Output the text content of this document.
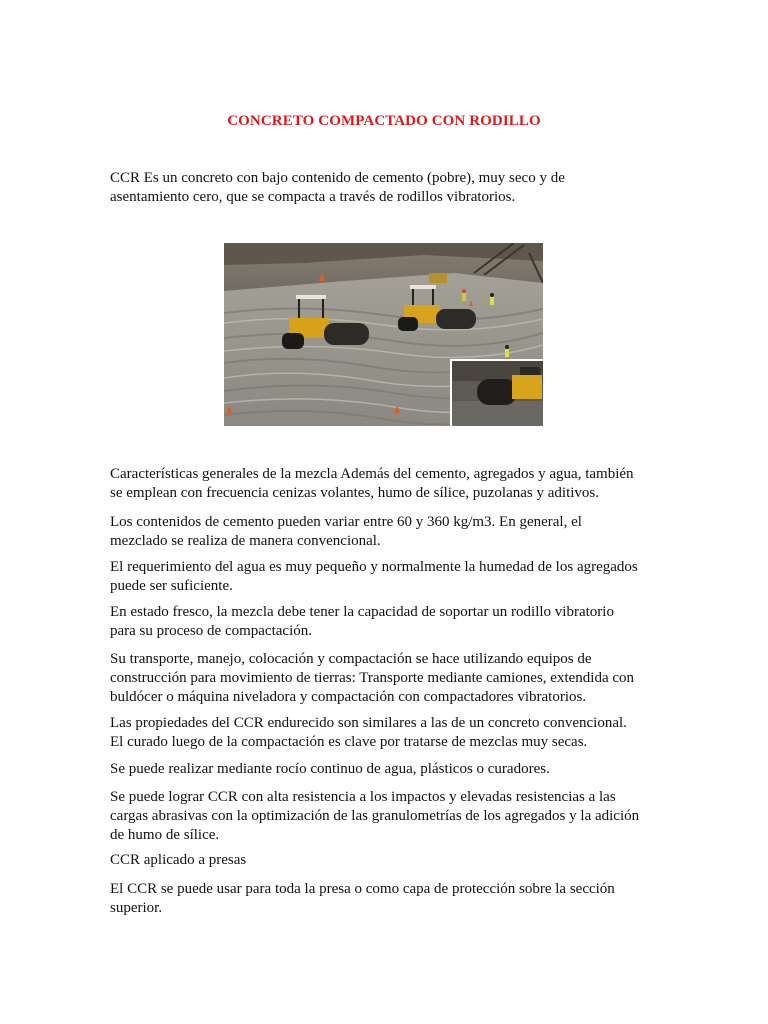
CONCRETO COMPACTADO CON RODILLO

CCR Es un concreto con bajo contenido de cemento (pobre), muy seco y de
asentamiento cero, que se compacta a través de rodillos vibratorios.

Características generales de la mezcla Además del cemento, agregados y agua, también
se emplean con frecuencia cenizas volantes, humo de sílice, puzolanas y aditivos.

Los contenidos de cemento pueden variar entre 60 y 360 kg/m3. En general, el
mezclado se realiza de manera convencional.

El requerimiento del agua es muy pequeño y normalmente la humedad de los agregados
puede ser suficiente.

En estado fresco, la mezcla debe tener la capacidad de soportar un rodillo vibratorio
para su proceso de compactación.

Su transporte, manejo, colocación y compactación se hace utilizando equipos de
construcción para movimiento de tierras: Transporte mediante camiones, extendida con
buldócer o máquina niveladora y compactación con compactadores vibratorios.

Las propiedades del CCR endurecido son similares a las de un concreto convencional.
El curado luego de la compactación es clave por tratarse de mezclas muy secas.

Se puede realizar mediante rocío continuo de agua, plásticos o curadores.

Se puede lograr CCR con alta resistencia a los impactos y elevadas resistencias a las
cargas abrasivas con la optimización de las granulometrías de los agregados y la adición
de humo de sílice.

CCR aplicado a presas

El CCR se puede usar para toda la presa o como capa de protección sobre la sección
superior.
